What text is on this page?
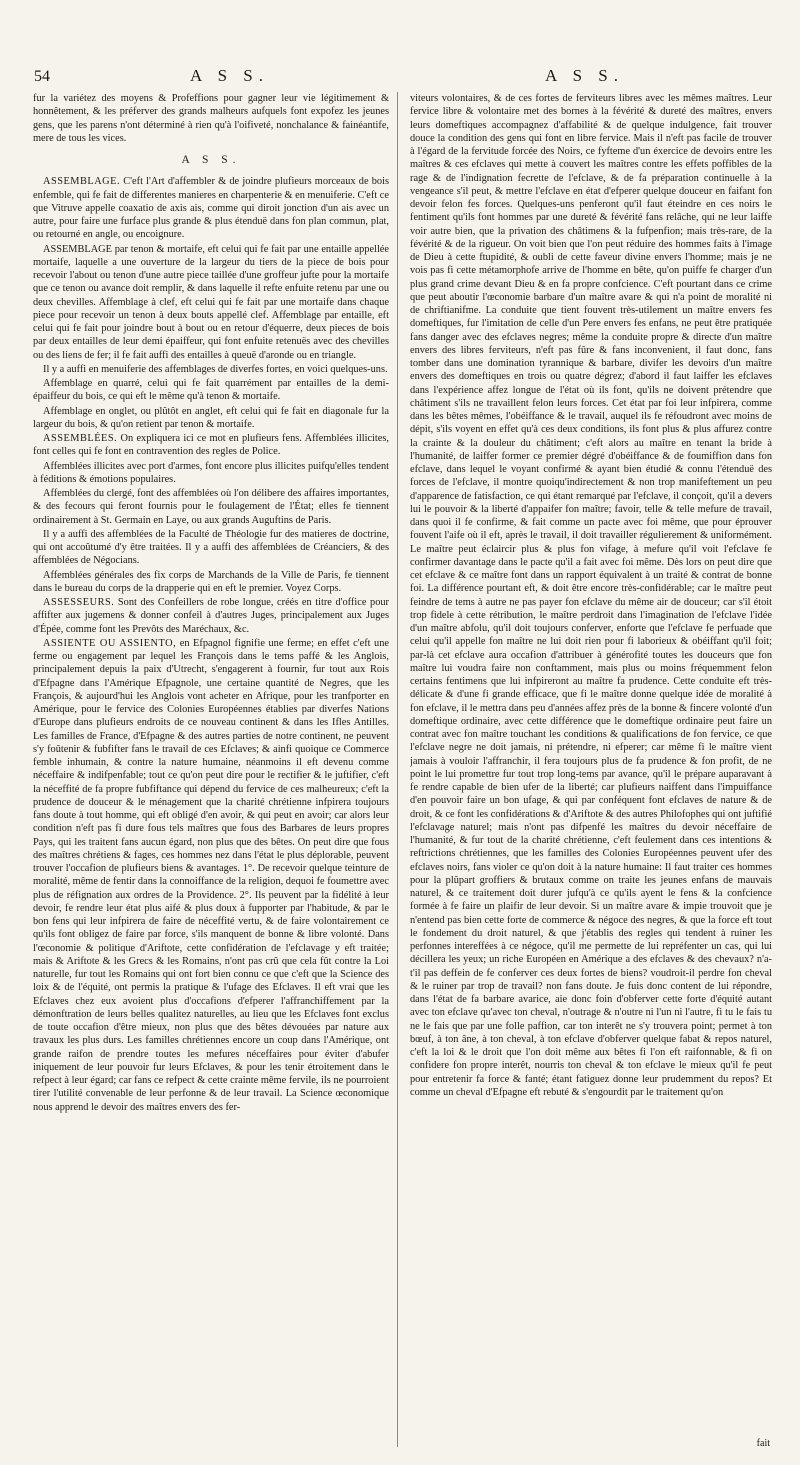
54	A S S.	A S S.

fur la variétez des moyens & Profeffions pour gagner leur vie légitimement & honnêtement, & les préferver des grands malheurs aufquels font expofez les jeunes gens, que les parens n'ont déterminé à rien qu'à l'oifiveté, nonchalance & fainéantife, mere de tous les vices.

A S S.

ASSEMBLAGE. C'eft l'Art d'affembler & de joindre plufieurs morceaux de bois enfemble, qui fe fait de differentes manieres en charpenterie & en menuiferie. C'eft ce que Vitruve appelle coaxatio de axis ais, comme qui diroit jonction d'un ais avec un autre, pour faire une furface plus grande & plus étenduë dans fon plan commun, plat, ou retourné en angle, ou encoignure.

ASSEMBLAGE par tenon & mortaife, eft celui qui fe fait par une entaille appellée mortaife, laquelle a une ouverture de la largeur du tiers de la piece de bois pour recevoir l'about ou tenon d'une autre piece taillée d'une groffeur jufte pour la mortaife que ce tenon ou avance doit remplir, & dans laquelle il refte enfuite retenu par une ou deux chevilles. Affemblage à clef, eft celui qui fe fait par une mortaife dans chaque piece pour recevoir un tenon à deux bouts appellé clef. Affemblage par entaille, eft celui qui fe fait pour joindre bout à bout ou en retour d'équerre, deux pieces de bois par deux entailles de leur demi épaiffeur, qui font enfuite retenuës avec des chevilles ou des liens de fer; il fe fait auffi des entailles à queuë d'aronde ou en triangle.

Il y a auffi en menuiferie des affemblages de diverfes fortes, en voici quelques-uns.

Affemblage en quarré, celui qui fe fait quarrément par entailles de la demi-épaiffeur du bois, ce qui eft le même qu'à tenon & mortaife.

Affemblage en onglet, ou plûtôt en anglet, eft celui qui fe fait en diagonale fur la largeur du bois, & qu'on retient par tenon & mortaife.

ASSEMBLÉES. On expliquera ici ce mot en plufieurs fens. Affemblées illicites, font celles qui fe font en contravention des regles de Police.

Affemblées illicites avec port d'armes, font encore plus illicites puifqu'elles tendent à féditions & émotions populaires.

Affemblées du clergé, font des affemblées où l'on délibere des affaires importantes, & des fecours qui feront fournis pour le foulagement de l'État; elles fe tiennent ordinairement à St. Germain en Laye, ou aux grands Auguftins de Paris.

Il y a auffi des affemblées de la Faculté de Théologie fur des matieres de doctrine, qui ont accoûtumé d'y être traitées. Il y a auffi des affemblées de Créanciers, & des affemblées de Négocians.

Affemblées générales des fix corps de Marchands de la Ville de Paris, fe tiennent dans le bureau du corps de la drapperie qui en eft le premier. Voyez Corps.

ASSESSEURS. Sont des Confeillers de robe longue, créés en titre d'office pour affifter aux jugemens & donner confeil à d'autres Juges, principalement aux Juges d'Épée, comme font les Prevôts des Maréchaux, &c.

ASSIENTE OU ASSIENTO, en Efpagnol fignifie une ferme; en effet c'eft une ferme ou engagement par lequel les François dans le tems paffé & les Anglois, principalement depuis la paix d'Utrecht, s'engagerent à fournir, fur tout aux Rois d'Efpagne dans l'Amérique Efpagnole, une certaine quantité de Negres, que les François, & aujourd'hui les Anglois vont acheter en Afrique, pour les tranfporter en Amérique, pour le fervice des Colonies Européennes établies par diverfes Nations d'Europe dans plufieurs endroits de ce nouveau continent & dans les Ifles Antilles. Les familles de France, d'Efpagne & des autres parties de notre continent, ne peuvent s'y foûtenir & fubfifter fans le travail de ces Efclaves; & ainfi quoique ce Commerce femble inhumain, & contre la nature humaine, néanmoins il eft devenu comme néceffaire & indifpenfable; tout ce qu'on peut dire pour le rectifier & le juftifier, c'eft la néceffité de fa propre fubfiftance qui dépend du fervice de ces malheureux; c'eft la prudence de douceur & le ménagement que la charité chrétienne infpirera toujours fans doute à tout homme, qui eft obligé d'en avoir, & qui peut en avoir; car alors leur condition n'eft pas fi dure fous tels maîtres que fous des Barbares de leurs propres Pays, qui les traitent fans aucun égard, non plus que des bêtes. On peut dire que fous des maîtres chrétiens & fages, ces hommes nez dans l'état le plus déplorable, peuvent trouver l'occafion de plufieurs biens & avantages. 1°. De recevoir quelque teinture de moralité, même de fentir dans la connoiffance de la religion, dequoi fe foumettre avec plus de réfignation aux ordres de la Providence. 2°. Ils peuvent par la fidélité à leur devoir, fe rendre leur état plus aifé & plus doux à fupporter par l'habitude, & par le bon fens qui leur infpirera de faire de néceffité vertu, & de faire volontairement ce qu'ils font obligez de faire par force, s'ils manquent de bonne & libre volonté. Dans l'œconomie & politique d'Ariftote, cette confidération de l'efclavage y eft traitée; mais & Ariftote & les Grecs & les Romains, n'ont pas crû que cela fût contre la Loi naturelle, fur tout les Romains qui ont fort bien connu ce que c'eft que la Science des loix & de l'équité, ont permis la pratique & l'ufage des Efclaves. Il eft vrai que les Efclaves chez eux avoient plus d'occafions d'efperer l'affranchiffement par la démonftration de leurs belles qualitez naturelles, au lieu que les Efclaves font exclus de toute occafion d'être mieux, non plus que des bêtes dévouées par nature aux travaux les plus durs. Les familles chrétiennes encore un coup dans l'Amérique, ont grande raifon de prendre toutes les mefures néceffaires pour éviter d'abufer iniquement de leur pouvoir fur leurs Efclaves, & pour les tenir étroitement dans le refpect à leur égard; car fans ce refpect & cette crainte même fervile, ils ne pourroient tirer l'utilité convenable de leur perfonne & de leur travail. La Science œconomique nous apprend le devoir des maîtres envers des fer-

viteurs volontaires, & de ces fortes de ferviteurs libres avec les mêmes maîtres. Leur fervice libre & volontaire met des bornes à la févérité & dureté des maîtres, envers leurs domeftiques accompagnez d'affabilité & de quelque indulgence, fait trouver douce la condition des gens qui font en libre fervice. Mais il n'eft pas facile de trouver à l'égard de la fervitude forcée des Noirs, ce fyfteme d'un éxercice de devoirs entre les maîtres & ces efclaves qui mette à couvert les maîtres contre les effets poffibles de la rage & de l'indignation fecrette de l'efclave, & de fa préparation continuelle à la vengeance s'il peut, & mettre l'efclave en état d'efperer quelque douceur en faifant fon devoir felon fes forces. Quelques-uns penferont qu'il faut éteindre en ces noirs le fentiment qu'ils font hommes par une dureté & févérité fans relâche, qui ne leur laiffe voir autre bien, que la privation des châtimens & la fufpenfion; mais très-rare, de la févérité & de la rigueur. On voit bien que l'on peut réduire des hommes faits à l'image de Dieu à cette ftupidité, & oubli de cette faveur divine envers l'homme; mais je ne vois pas fi cette métamorphofe arrive de l'homme en bête, qu'on puiffe fe charger d'un plus grand crime devant Dieu & en fa propre confcience. C'eft pourtant dans ce crime que peut aboutir l'œconomie barbare d'un maître avare & qui n'a point de moralité ni de chriftianifme. La conduite que tient fouvent très-utilement un maître envers fes domeftiques, fur l'imitation de celle d'un Pere envers fes enfans, ne peut être pratiquée fans danger avec des efclaves negres; même la conduite propre & directe d'un maître envers des libres ferviteurs, n'eft pas fûre & fans inconvenient, il faut donc, fans tomber dans une domination tyrannique & barbare, divifer les devoirs d'un maître envers des domeftiques en trois ou quatre dégrez; d'abord il faut laiffer les efclaves dans l'expérience affez longue de l'état où ils font, qu'ils ne doivent prétendre que châtiment s'ils ne travaillent felon leurs forces. Cet état par foi leur infpirera, comme dans les bêtes mêmes, l'obéiffance & le travail, auquel ils fe réfoudront avec moins de dépit, s'ils voyent en effet qu'à ces deux conditions, ils font plus & plus affurez contre la crainte & la douleur du châtiment; c'eft alors au maître en tenant la bride à l'humanité, de laiffer former ce premier dégré d'obéiffance & de foumiffion dans fon efclave, dans lequel le voyant confirmé & ayant bien étudié & connu l'étenduë des forces de l'efclave, il montre quoiqu'indirectement & non trop manifeftement un peu d'apparence de fatisfaction, ce qui étant remarqué par l'efclave, il conçoit, qu'il a devers lui le pouvoir & la liberté d'appaifer fon maître; favoir, telle & telle mefure de travail, dans quoi il fe confirme, & fait comme un pacte avec foi même, que pour éprouver fouvent l'aife où il eft, après le travail, il doit travailler régulierement & uniformément. Le maître peut éclaircir plus & plus fon vifage, à mefure qu'il voit l'efclave fe confirmer davantage dans le pacte qu'il a fait avec foi même. Dès lors on peut dire que cet efclave & ce maître font dans un rapport équivalent à un traité & contrat de bonne foi. La différence pourtant eft, & doit être encore très-confidérable; car le maître peut feindre de tems à autre ne pas payer fon efclave du même air de douceur; car s'il étoit trop fidele à cette rétribution, le maître perdroit dans l'imagination de l'efclave l'idée d'un maître abfolu, qu'il doit toujours conferver, enforte que l'efclave fe perfuade que celui qu'il appelle fon maître ne lui doit rien pour fi laborieux & obéiffant qu'il foit; par-là cet efclave aura occafion d'attribuer à générofité toutes les douceurs que fon maître lui voudra faire non conftamment, mais plus ou moins fréquemment felon certains fentimens que lui infpireront au maître fa prudence. Cette conduite eft très-délicate & d'une fi grande efficace, que fi le maître donne quelque idée de moralité à fon efclave, il le mettra dans peu d'années affez près de la bonne & fincere volonté d'un domeftique ordinaire, avec cette différence que le domeftique ordinaire peut faire un contrat avec fon maître touchant les conditions & qualifications de fon fervice, ce que l'efclave negre ne doit jamais, ni prétendre, ni efperer; car même fi le maître vient jamais à vouloir l'affranchir, il fera toujours plus de fa prudence & fon profit, de ne point le lui promettre fur tout trop long-tems par avance, qu'il le prépare auparavant à fe rendre capable de bien ufer de la liberté; car plufieurs naiffent dans l'impuiffance d'en pouvoir faire un bon ufage, & qui par conféquent font efclaves de nature & de droit, & ce font les confidérations & d'Ariftote & des autres Philofophes qui ont juftifié l'efclavage naturel; mais n'ont pas difpenfé les maîtres du devoir néceffaire de l'humanité, & fur tout de la charité chrétienne, c'eft feulement dans ces intentions & reftrictions chrétiennes, que les familles des Colonies Européennes peuvent ufer des efclaves noirs, fans violer ce qu'on doit à la nature humaine: Il faut traiter ces hommes pour la plûpart groffiers & brutaux comme on traite les jeunes enfans de mauvais naturel, & ce traitement doit durer jufqu'à ce qu'ils ayent le fens & la confcience formée à fe faire un plaifir de leur devoir. Si un maître avare & impie trouvoit que je n'entend pas bien cette forte de commerce & négoce des negres, & que la force eft tout le fondement du droit naturel, & que j'établis des regles qui tendent à ruiner les perfonnes intereffées à ce négoce, qu'il me permette de lui repréfenter un cas, qui lui décillera les yeux; un riche Européen en Amérique a des efclaves & des chevaux? n'a-t'il pas deffein de fe conferver ces deux fortes de biens? voudroit-il perdre fon cheval & le ruiner par trop de travail? non fans doute. Je fuis donc content de lui répondre, dans l'état de fa barbare avarice, aie donc foin d'obferver cette forte d'équité autant avec ton efclave qu'avec ton cheval, n'outrage & n'outre ni l'un ni l'autre, fi tu le fais tu ne le fais que par une folle paffion, car ton interêt ne s'y trouvera point; permet à ton bœuf, à ton âne, à ton cheval, à ton efclave d'obferver quelque fabat & repos naturel, c'eft la loi & le droit que l'on doit même aux bêtes fi l'on eft raifonnable, & fi on confidere fon propre interêt, nourris ton cheval & ton efclave le mieux qu'il fe peut pour entretenir fa force & fanté; étant fatiguez donne leur prudemment du repos? Et comme un cheval d'Efpagne eft rebuté & s'engourdit par le traitement qu'on

fait
